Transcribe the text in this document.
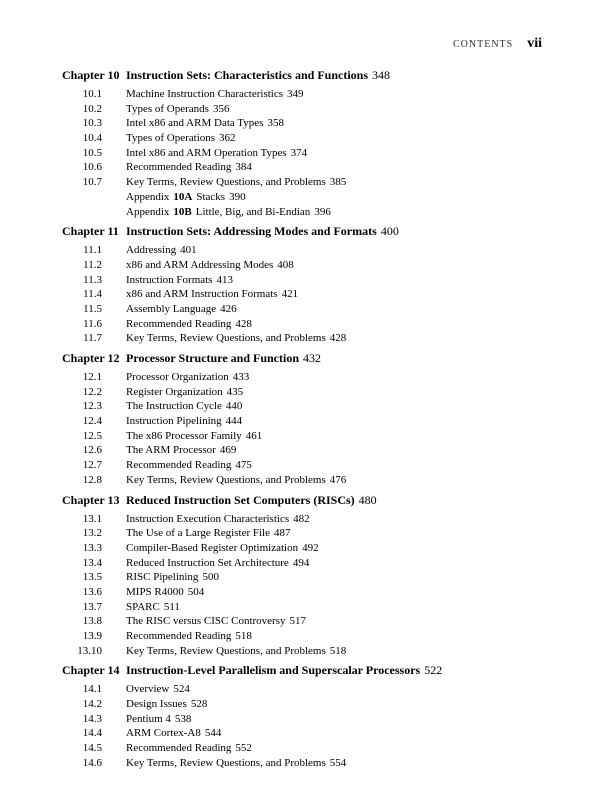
CONTENTS vii
Chapter 10 Instruction Sets: Characteristics and Functions 348
10.1 Machine Instruction Characteristics 349
10.2 Types of Operands 356
10.3 Intel x86 and ARM Data Types 358
10.4 Types of Operations 362
10.5 Intel x86 and ARM Operation Types 374
10.6 Recommended Reading 384
10.7 Key Terms, Review Questions, and Problems 385
Appendix 10A Stacks 390
Appendix 10B Little, Big, and Bi-Endian 396
Chapter 11 Instruction Sets: Addressing Modes and Formats 400
11.1 Addressing 401
11.2 x86 and ARM Addressing Modes 408
11.3 Instruction Formats 413
11.4 x86 and ARM Instruction Formats 421
11.5 Assembly Language 426
11.6 Recommended Reading 428
11.7 Key Terms, Review Questions, and Problems 428
Chapter 12 Processor Structure and Function 432
12.1 Processor Organization 433
12.2 Register Organization 435
12.3 The Instruction Cycle 440
12.4 Instruction Pipelining 444
12.5 The x86 Processor Family 461
12.6 The ARM Processor 469
12.7 Recommended Reading 475
12.8 Key Terms, Review Questions, and Problems 476
Chapter 13 Reduced Instruction Set Computers (RISCs) 480
13.1 Instruction Execution Characteristics 482
13.2 The Use of a Large Register File 487
13.3 Compiler-Based Register Optimization 492
13.4 Reduced Instruction Set Architecture 494
13.5 RISC Pipelining 500
13.6 MIPS R4000 504
13.7 SPARC 511
13.8 The RISC versus CISC Controversy 517
13.9 Recommended Reading 518
13.10 Key Terms, Review Questions, and Problems 518
Chapter 14 Instruction-Level Parallelism and Superscalar Processors 522
14.1 Overview 524
14.2 Design Issues 528
14.3 Pentium 4 538
14.4 ARM Cortex-A8 544
14.5 Recommended Reading 552
14.6 Key Terms, Review Questions, and Problems 554
